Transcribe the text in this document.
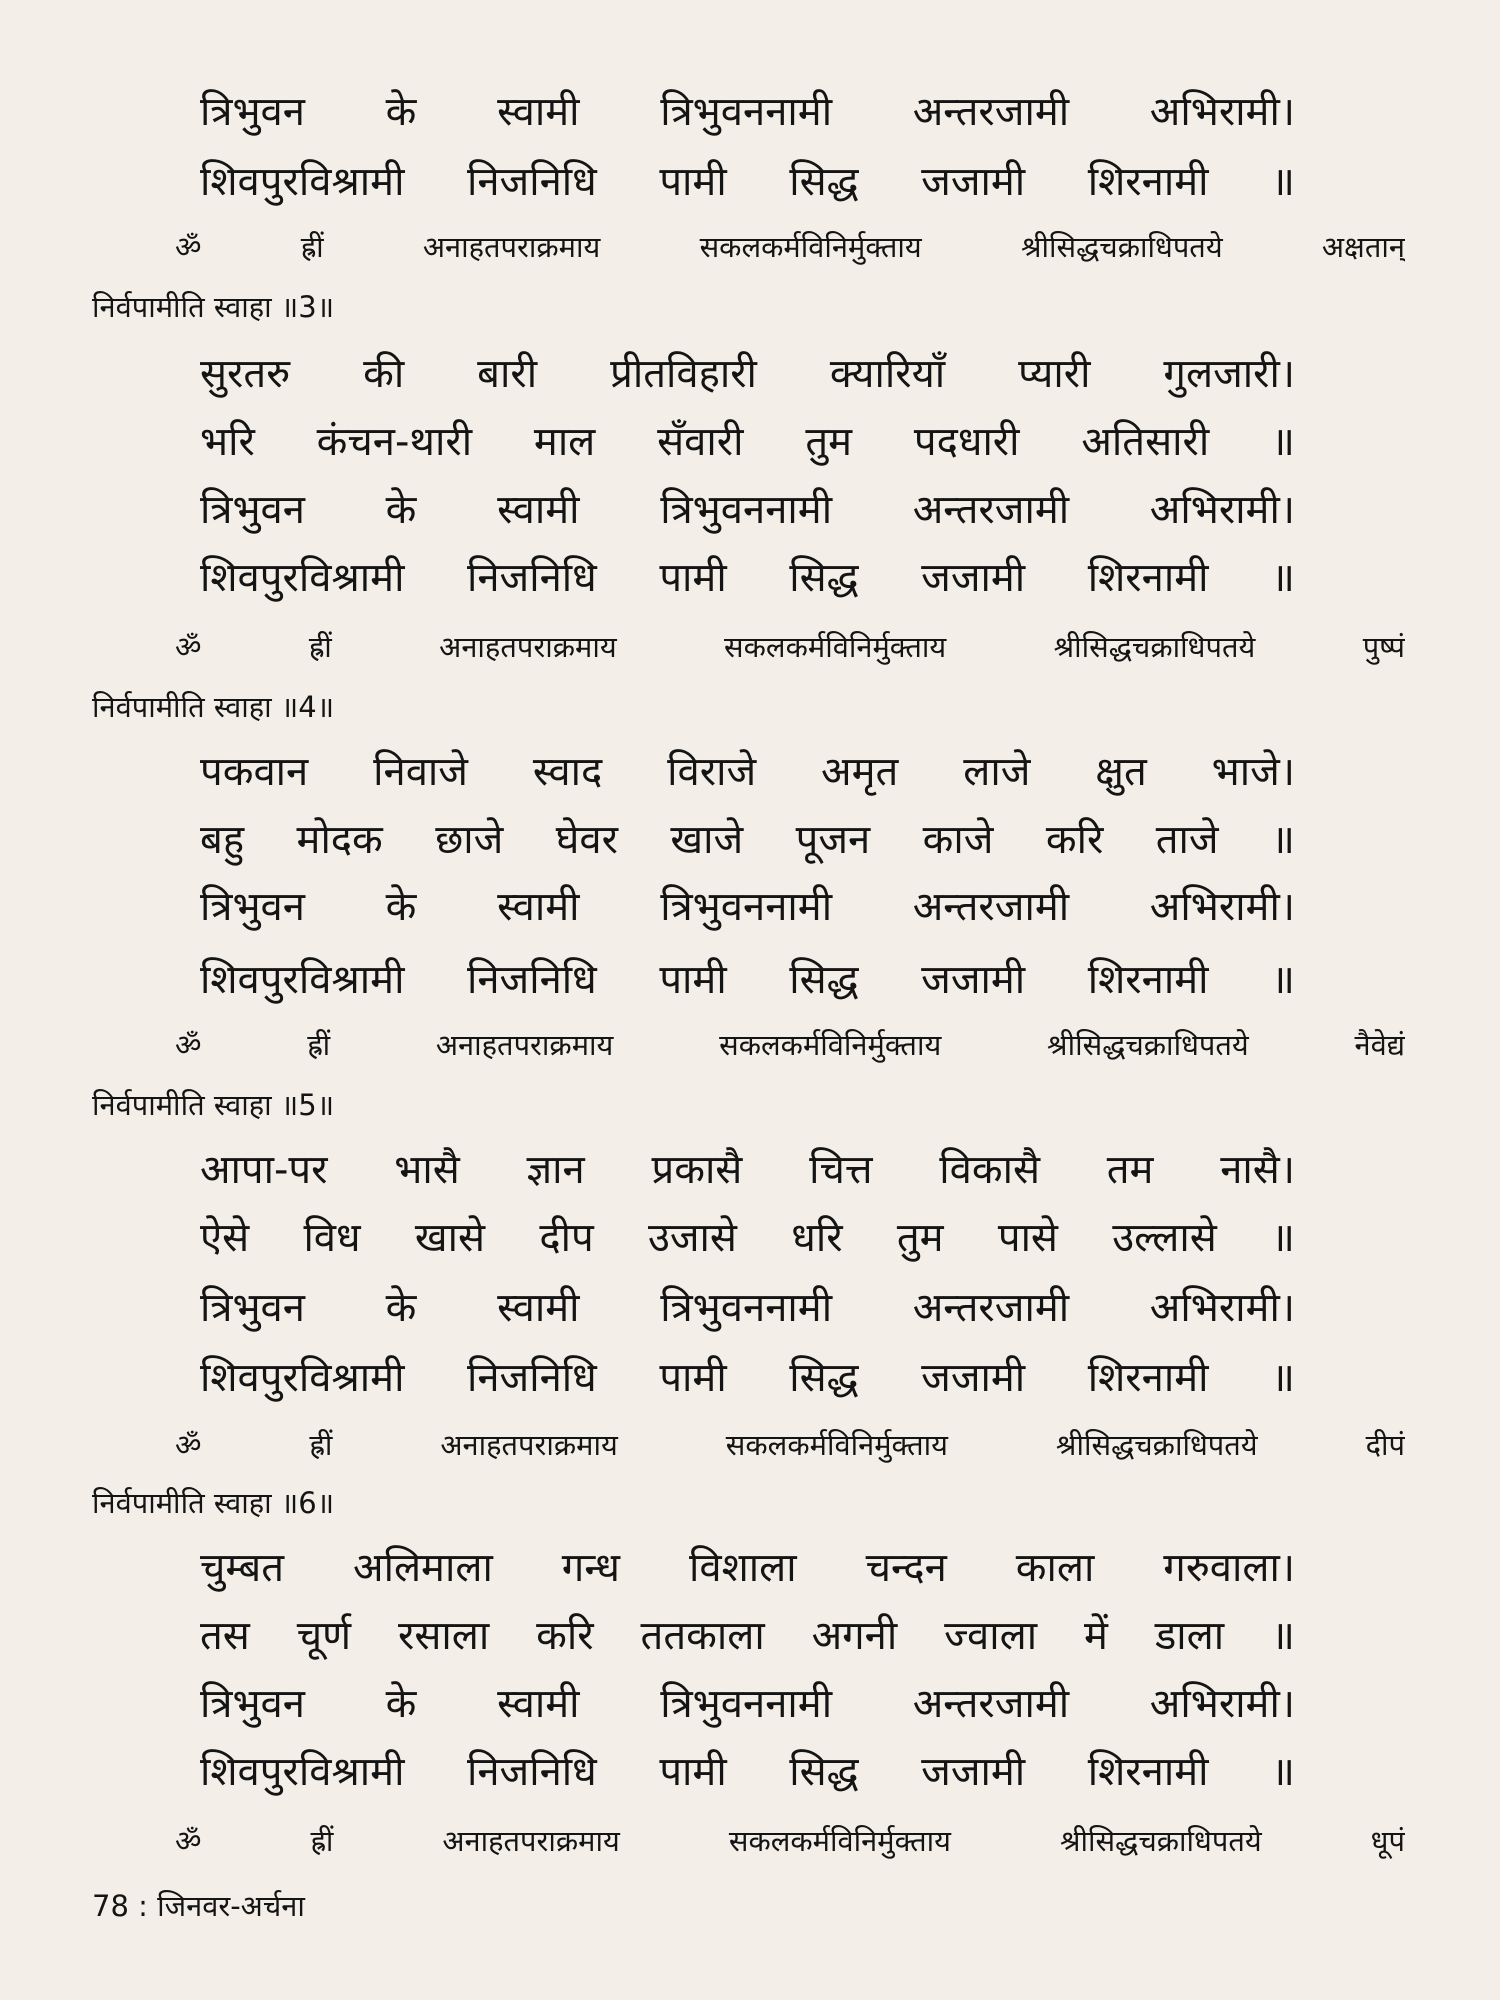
त्रिभुवन के स्वामी त्रिभुवननामी अन्तरजामी अभिरामी।
शिवपुरविश्रामी निजनिधि पामी सिद्ध जजामी शिरनामी ॥
ॐ ह्रीं अनाहतपराक्रमाय सकलकर्मविनिर्मुक्ताय श्रीसिद्धचक्राधिपतये अक्षतान्
निर्वपामीति स्वाहा ॥3॥
सुरतरु की बारी प्रीतविहारी क्यारियाँ प्यारी गुलजारी।
भरि कंचन-थारी माल सँवारी तुम पदधारी अतिसारी ॥
त्रिभुवन के स्वामी त्रिभुवननामी अन्तरजामी अभिरामी।
शिवपुरविश्रामी निजनिधि पामी सिद्ध जजामी शिरनामी ॥
ॐ ह्रीं अनाहतपराक्रमाय सकलकर्मविनिर्मुक्ताय श्रीसिद्धचक्राधिपतये पुष्पं
निर्वपामीति स्वाहा ॥4॥
पकवान निवाजे स्वाद विराजे अमृत लाजे क्षुत भाजे।
बहु मोदक छाजे घेवर खाजे पूजन काजे करि ताजे ॥
त्रिभुवन के स्वामी त्रिभुवननामी अन्तरजामी अभिरामी।
शिवपुरविश्रामी निजनिधि पामी सिद्ध जजामी शिरनामी ॥
ॐ ह्रीं अनाहतपराक्रमाय सकलकर्मविनिर्मुक्ताय श्रीसिद्धचक्राधिपतये नैवेद्यं
निर्वपामीति स्वाहा ॥5॥
आपा-पर भासै ज्ञान प्रकासै चित्त विकासै तम नासै।
ऐसे विध खासे दीप उजासे धरि तुम पासे उल्लासे ॥
त्रिभुवन के स्वामी त्रिभुवननामी अन्तरजामी अभिरामी।
शिवपुरविश्रामी निजनिधि पामी सिद्ध जजामी शिरनामी ॥
ॐ ह्रीं अनाहतपराक्रमाय सकलकर्मविनिर्मुक्ताय श्रीसिद्धचक्राधिपतये दीपं
निर्वपामीति स्वाहा ॥6॥
चुम्बत अलिमाला गन्ध विशाला चन्दन काला गरुवाला।
तस चूर्ण रसाला करि ततकाला अगनी ज्वाला में डाला ॥
त्रिभुवन के स्वामी त्रिभुवननामी अन्तरजामी अभिरामी।
शिवपुरविश्रामी निजनिधि पामी सिद्ध जजामी शिरनामी ॥
ॐ ह्रीं अनाहतपराक्रमाय सकलकर्मविनिर्मुक्ताय श्रीसिद्धचक्राधिपतये धूपं
78 : जिनवर-अर्चना
